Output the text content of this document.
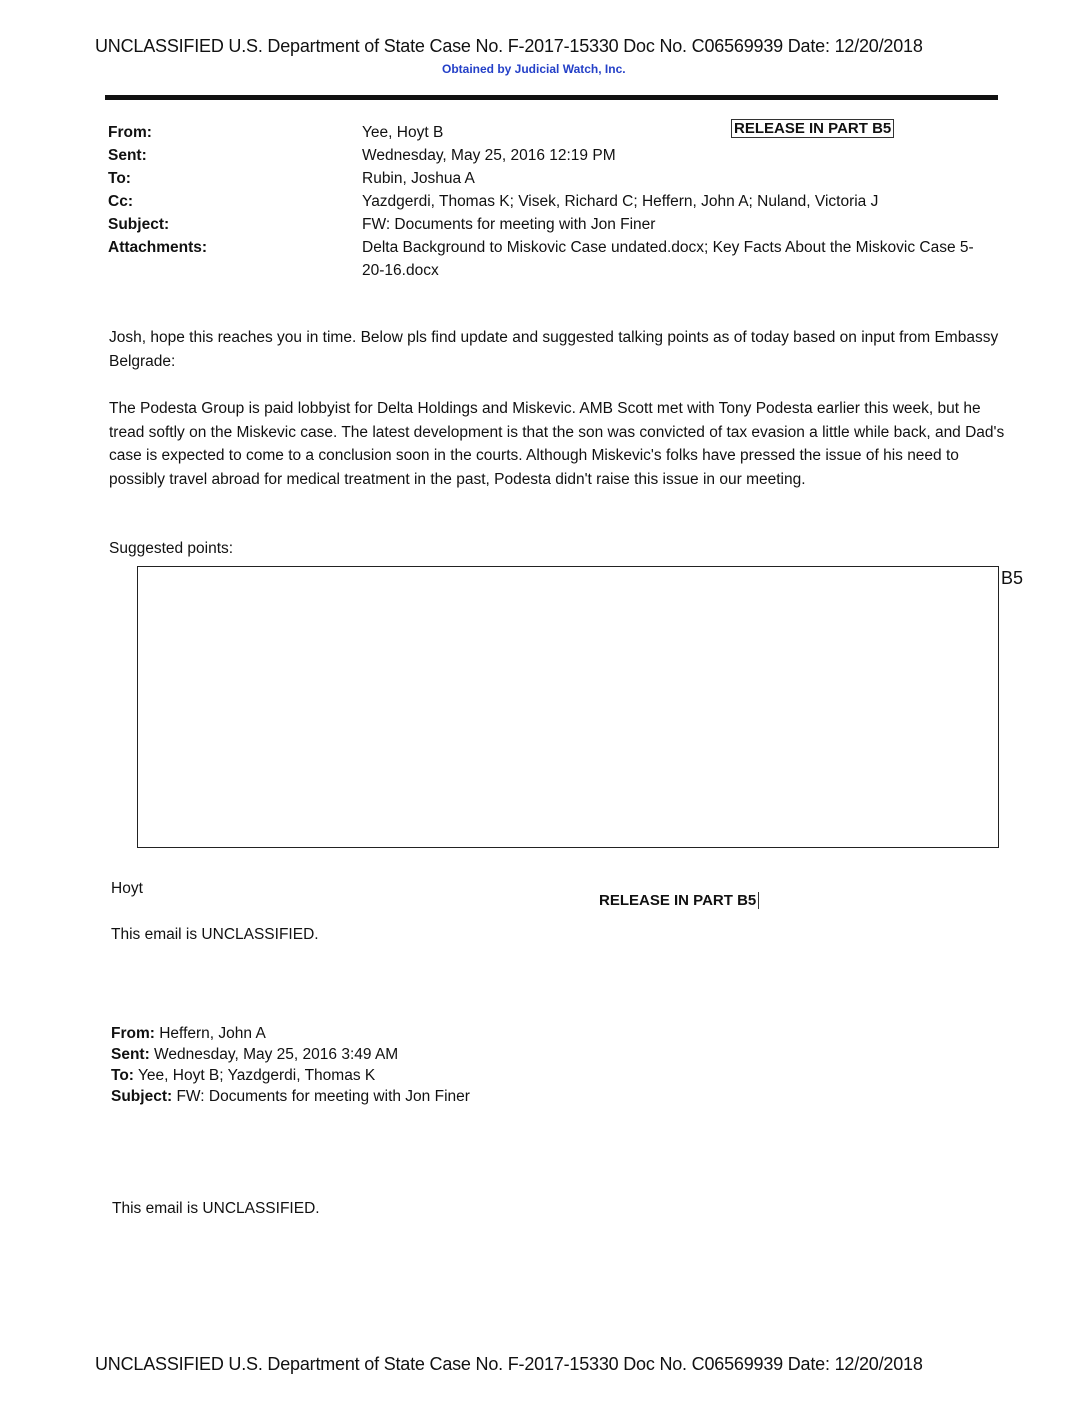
UNCLASSIFIED U.S. Department of State Case No. F-2017-15330 Doc No. C06569939 Date: 12/20/2018
Obtained by Judicial Watch, Inc.
RELEASE IN PART B5
From:	Yee, Hoyt B
Sent:	Wednesday, May 25, 2016 12:19 PM
To:	Rubin, Joshua A
Cc:	Yazdgerdi, Thomas K; Visek, Richard C; Heffern, John A; Nuland, Victoria J
Subject:	FW: Documents for meeting with Jon Finer
Attachments:	Delta Background to Miskovic Case undated.docx; Key Facts About the Miskovic Case 5-20-16.docx
Josh, hope this reaches you in time. Below pls find update and suggested talking points as of today based on input from Embassy Belgrade:
The Podesta Group is paid lobbyist for Delta Holdings and Miskevic. AMB Scott met with Tony Podesta earlier this week, but he tread softly on the Miskevic case. The latest development is that the son was convicted of tax evasion a little while back, and Dad's case is expected to come to a conclusion soon in the courts. Although Miskevic's folks have pressed the issue of his need to possibly travel abroad for medical treatment in the past, Podesta didn't raise this issue in our meeting.
Suggested points:
B5
Hoyt
RELEASE IN PART B5
This email is UNCLASSIFIED.
From: Heffern, John A
Sent: Wednesday, May 25, 2016 3:49 AM
To: Yee, Hoyt B; Yazdgerdi, Thomas K
Subject: FW: Documents for meeting with Jon Finer
This email is UNCLASSIFIED.
UNCLASSIFIED U.S. Department of State Case No. F-2017-15330 Doc No. C06569939 Date: 12/20/2018
